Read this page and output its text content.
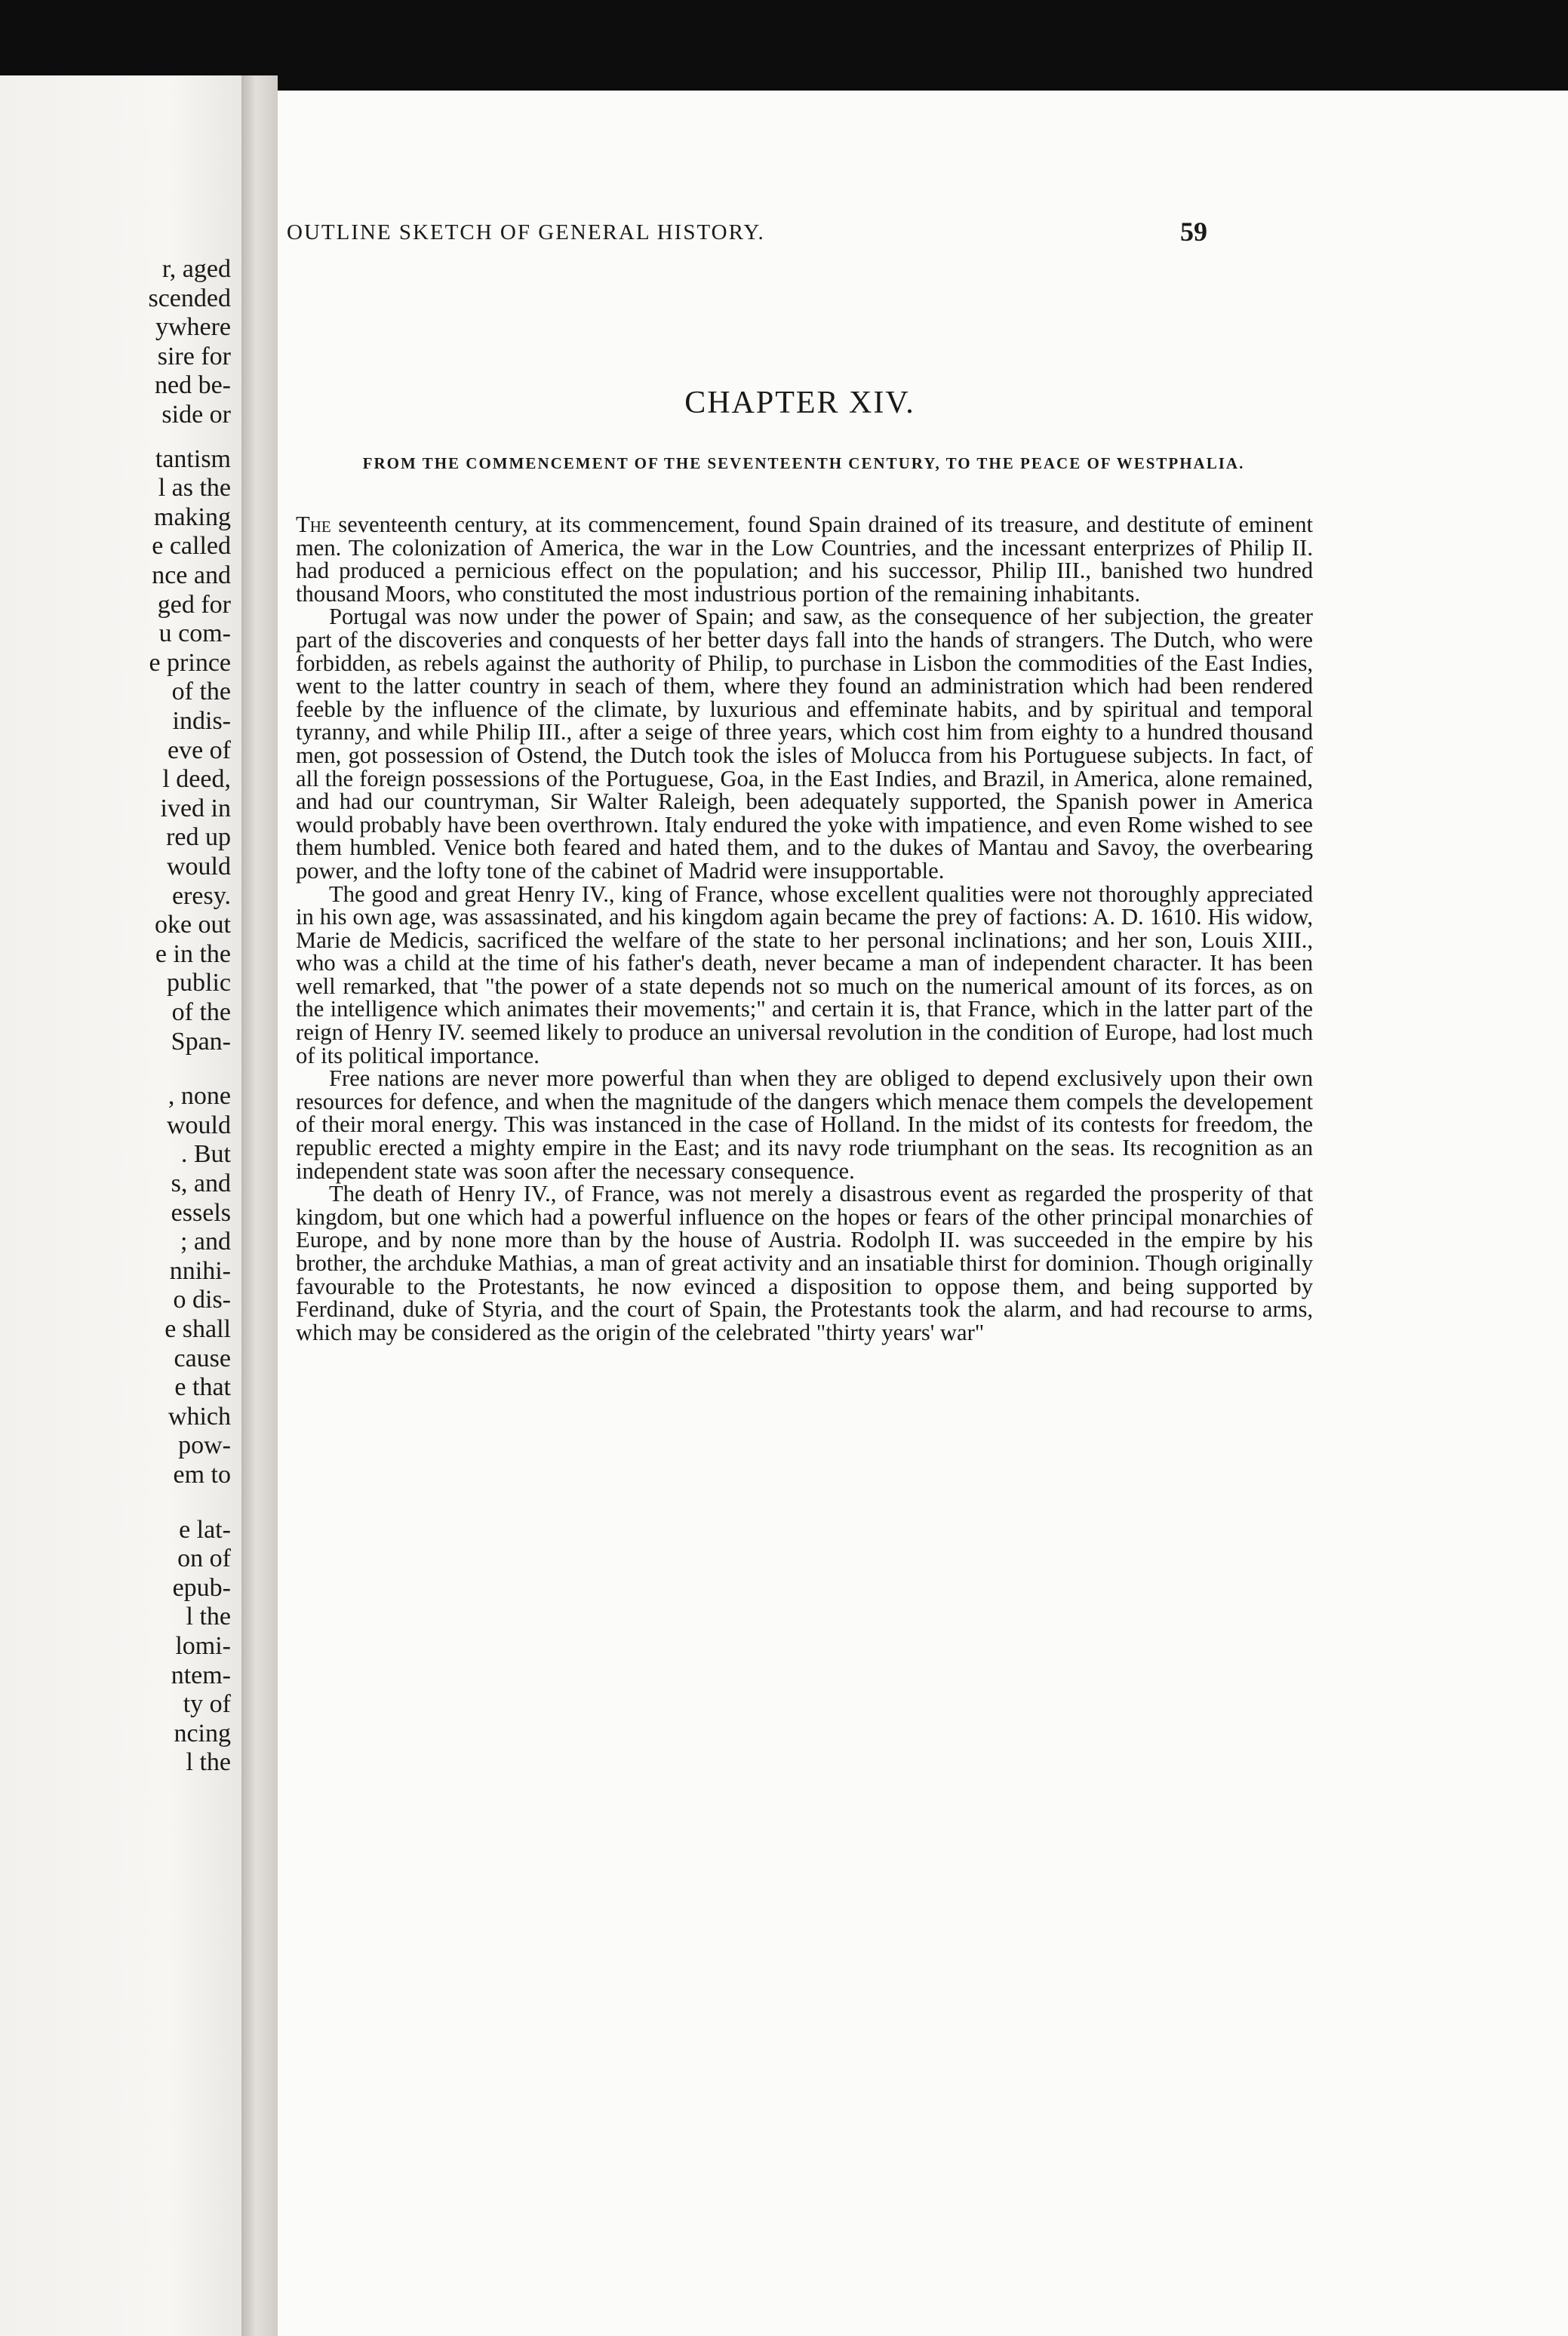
r, aged
scended
ywhere
sire for
ned be-
side or
tantism
l as the
making
e called
nce and
ged for
u com-
e prince
of the
indis-
eve of
l deed,
ived in
red up
would
eresy.
oke out
e in the
public
of the
Span-
, none
would
. But
s, and
essels
; and
nnihi-
o dis-
e shall
cause
e that
which
pow-
em to
e lat-
on of
epub-
l the
lomi-
ntem-
ty of
ncing
l the
OUTLINE SKETCH OF GENERAL HISTORY.	59
CHAPTER XIV.
FROM THE COMMENCEMENT OF THE SEVENTEENTH CENTURY, TO THE PEACE OF WESTPHALIA.

The seventeenth century, at its commencement, found Spain drained of its treasure, and destitute of eminent men. The colonization of America, the war in the Low Countries, and the incessant enterprizes of Philip II. had produced a pernicious effect on the population; and his successor, Philip III., banished two hundred thousand Moors, who constituted the most industrious portion of the remaining inhabitants.

Portugal was now under the power of Spain; and saw, as the consequence of her subjection, the greater part of the discoveries and conquests of her better days fall into the hands of strangers. The Dutch, who were forbidden, as rebels against the authority of Philip, to purchase in Lisbon the commodities of the East Indies, went to the latter country in seach of them, where they found an administration which had been rendered feeble by the influence of the climate, by luxurious and effeminate habits, and by spiritual and temporal tyranny, and while Philip III., after a seige of three years, which cost him from eighty to a hundred thousand men, got possession of Ostend, the Dutch took the isles of Molucca from his Portuguese subjects. In fact, of all the foreign possessions of the Portuguese, Goa, in the East Indies, and Brazil, in America, alone remained, and had our countryman, Sir Walter Raleigh, been adequately supported, the Spanish power in America would probably have been overthrown. Italy endured the yoke with impatience, and even Rome wished to see them humbled. Venice both feared and hated them, and to the dukes of Mantau and Savoy, the overbearing power, and the lofty tone of the cabinet of Madrid were insupportable.

The good and great Henry IV., king of France, whose excellent qualities were not thoroughly appreciated in his own age, was assassinated, and his kingdom again became the prey of factions: A. D. 1610. His widow, Marie de Medicis, sacrificed the welfare of the state to her personal inclinations; and her son, Louis XIII., who was a child at the time of his father's death, never became a man of independent character. It has been well remarked, that "the power of a state depends not so much on the numerical amount of its forces, as on the intelligence which animates their movements;" and certain it is, that France, which in the latter part of the reign of Henry IV. seemed likely to produce an universal revolution in the condition of Europe, had lost much of its political importance.

Free nations are never more powerful than when they are obliged to depend exclusively upon their own resources for defence, and when the magnitude of the dangers which menace them compels the developement of their moral energy. This was instanced in the case of Holland. In the midst of its contests for freedom, the republic erected a mighty empire in the East; and its navy rode triumphant on the seas. Its recognition as an independent state was soon after the necessary consequence.

The death of Henry IV., of France, was not merely a disastrous event as regarded the prosperity of that kingdom, but one which had a powerful influence on the hopes or fears of the other principal monarchies of Europe, and by none more than by the house of Austria. Rodolph II. was succeeded in the empire by his brother, the archduke Mathias, a man of great activity and an insatiable thirst for dominion. Though originally favourable to the Protestants, he now evinced a disposition to oppose them, and being supported by Ferdinand, duke of Styria, and the court of Spain, the Protestants took the alarm, and had recourse to arms, which may be considered as the origin of the celebrated "thirty years' war"
